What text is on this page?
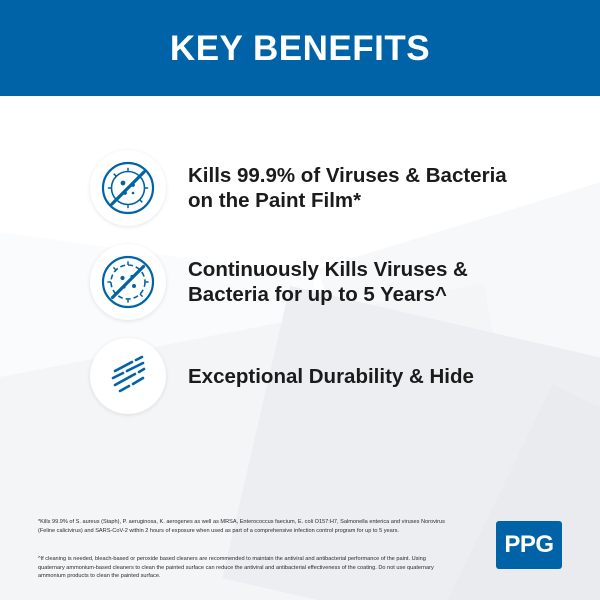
KEY BENEFITS
Kills 99.9% of Viruses & Bacteria on the Paint Film*
Continuously Kills Viruses & Bacteria for up to 5 Years^
Exceptional Durability & Hide
*Kills 99.9% of S. aureus (Staph), P. aeruginosa, K. aerogenes as well as MRSA, Enterococcus faecium, E. coli O157:H7, Salmonella enterica and viruses Norovirus (Feline calicivirus) and SARS-CoV-2 within 2 hours of exposure when used as part of a comprehensive infection control program for up to 5 years.
^If cleaning is needed, bleach-based or peroxide based cleaners are recommended to maintain the antiviral and antibacterial performance of the paint. Using quaternary ammonium-based cleaners to clean the painted surface can reduce the antiviral and antibacterial effectiveness of the coating. Do not use quaternary ammonium products to clean the painted surface.
PPG
